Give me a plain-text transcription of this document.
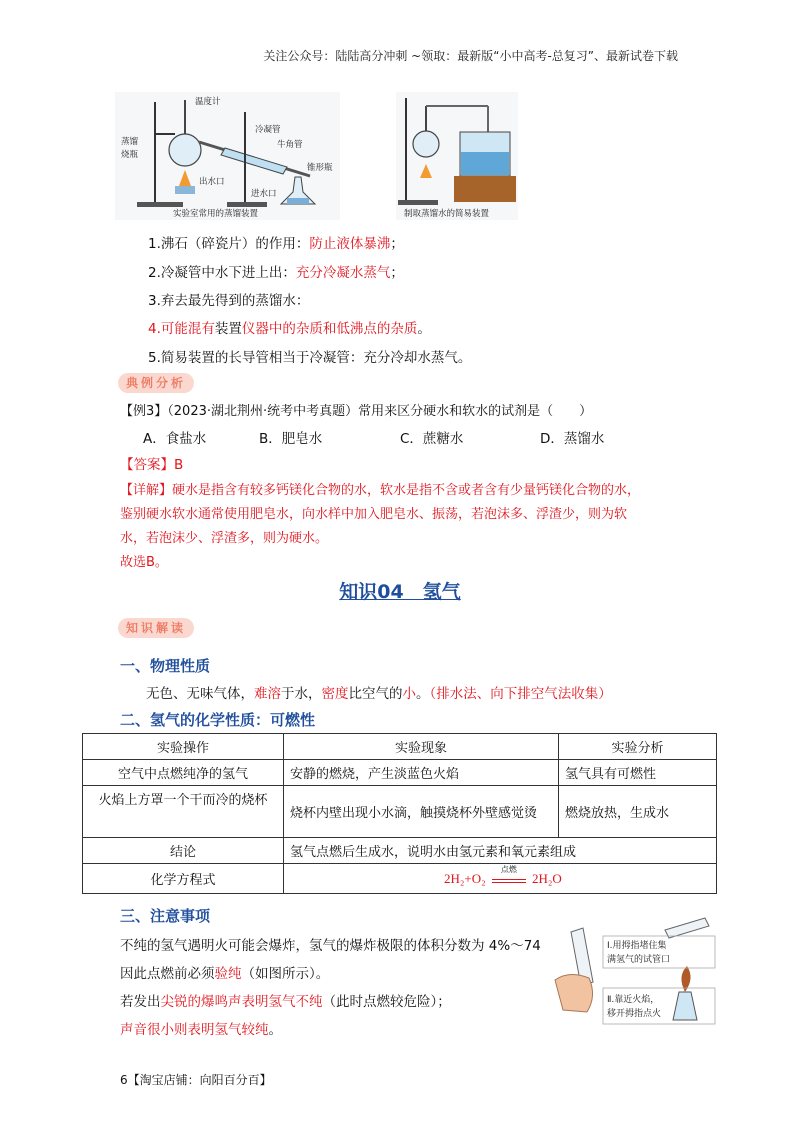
关注公众号：陆陆高分冲刺 ~领取：最新版“小中高考-总复习”、最新试卷下载
温度计
冷凝管
蒸馏
烧瓶
牛角管
出水口
进水口
锥形瓶
实验室常用的蒸馏装置	制取蒸馏水的简易装置
1.沸石（碎瓷片）的作用：防止液体暴沸；
2.冷凝管中水下进上出：充分冷凝水蒸气；
3.弃去最先得到的蒸馏水：
4.可能混有装置仪器中的杂质和低沸点的杂质。
5.简易装置的长导管相当于冷凝管：充分冷却水蒸气。
典例分析
【例3】（2023·湖北荆州·统考中考真题）常用来区分硬水和软水的试剂是（　　）
A．食盐水	B．肥皂水	C．蔗糖水	D．蒸馏水
【答案】B
【详解】硬水是指含有较多钙镁化合物的水，软水是指不含或者含有少量钙镁化合物的水，
鉴别硬水软水通常使用肥皂水，向水样中加入肥皂水、振荡，若泡沫多、浮渣少，则为软
水，若泡沫少、浮渣多，则为硬水。
故选B。
知识04　氢气
知识解读
一、物理性质
无色、无味气体，难溶于水，密度比空气的小。（排水法、向下排空气法收集）
二、氢气的化学性质：可燃性
实验操作	实验现象	实验分析
空气中点燃纯净的氢气	安静的燃烧，产生淡蓝色火焰	氢气具有可燃性
火焰上方罩一个干而冷的烧杯	烧杯内壁出现小水滴，触摸烧杯外壁感觉烫	燃烧放热，生成水
结论	氢气点燃后生成水，说明水由氢元素和氧元素组成	
化学方程式	2H₂+O₂
点燃
2H₂O	
三、注意事项
不纯的氢气遇明火可能会爆炸，氢气的爆炸极限的体积分数为 4%～74
因此点燃前必须验纯（如图所示）。
若发出尖锐的爆鸣声表明氢气不纯（此时点燃较危险）；
声音很小则表明氢气较纯。
Ⅰ.用拇指堵住集
满氢气的试管口
Ⅱ.靠近火焰，
移开拇指点火
6【淘宝店铺：向阳百分百】
